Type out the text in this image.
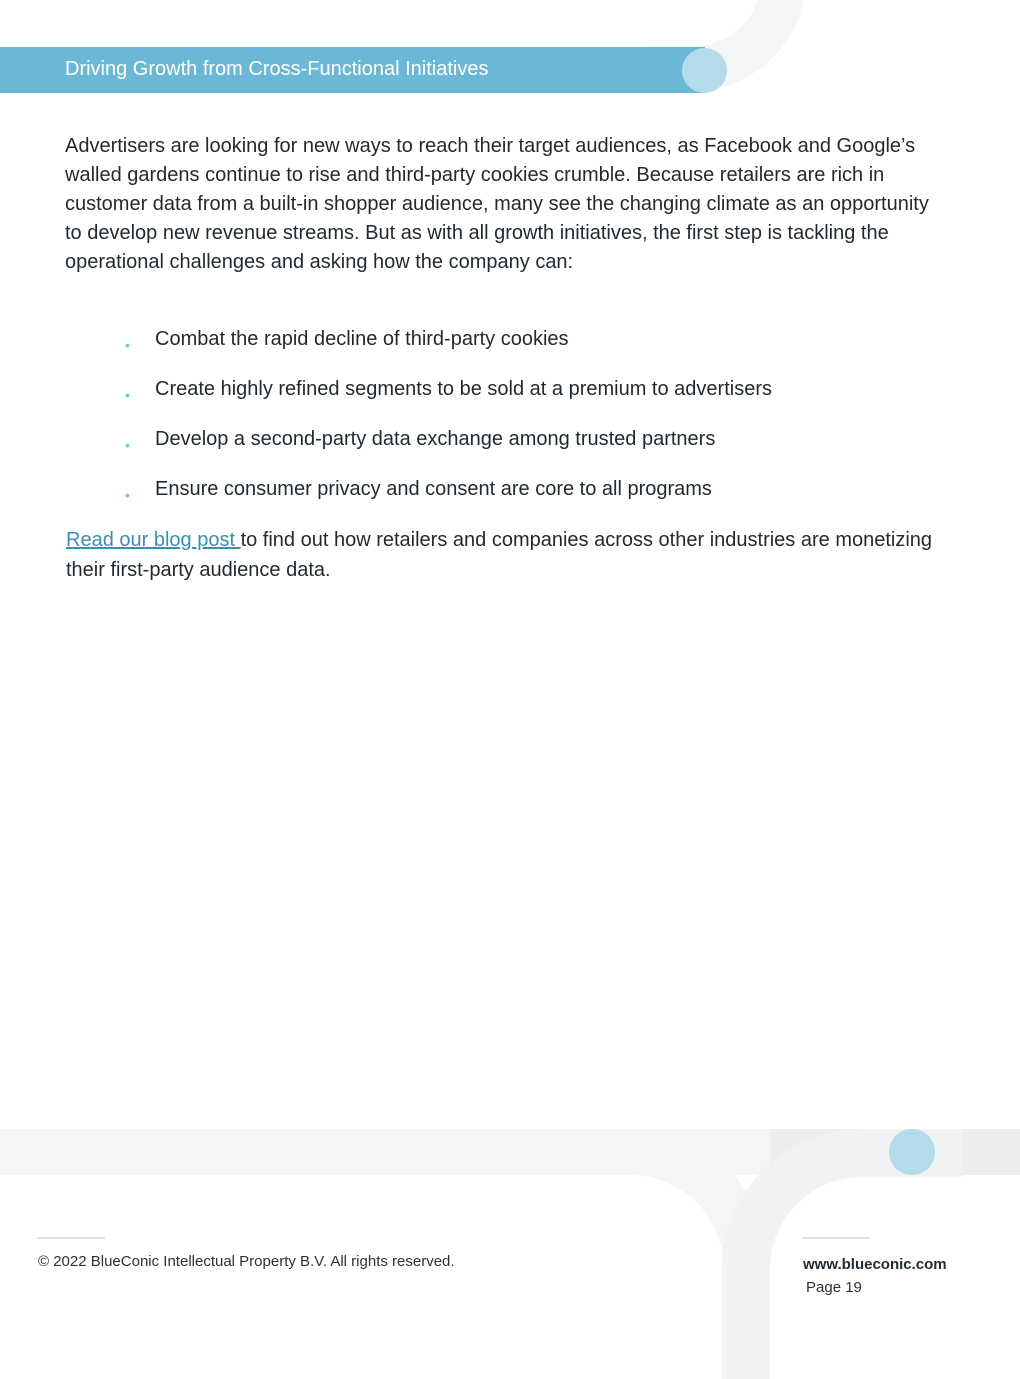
Driving Growth from Cross-Functional Initiatives

Advertisers are looking for new ways to reach their target audiences, as Facebook and Google’s walled gardens continue to rise and third-party cookies crumble. Because retailers are rich in customer data from a built-in shopper audience, many see the changing climate as an opportunity to develop new revenue streams. But as with all growth initiatives, the first step is tackling the operational challenges and asking how the company can:

• Combat the rapid decline of third-party cookies
• Create highly refined segments to be sold at a premium to advertisers
• Develop a second-party data exchange among trusted partners
• Ensure consumer privacy and consent are core to all programs

Read our blog post to find out how retailers and companies across other industries are monetizing their first-party audience data.

© 2022 BlueConic Intellectual Property B.V. All rights reserved.	www.blueconic.com
Page 19
